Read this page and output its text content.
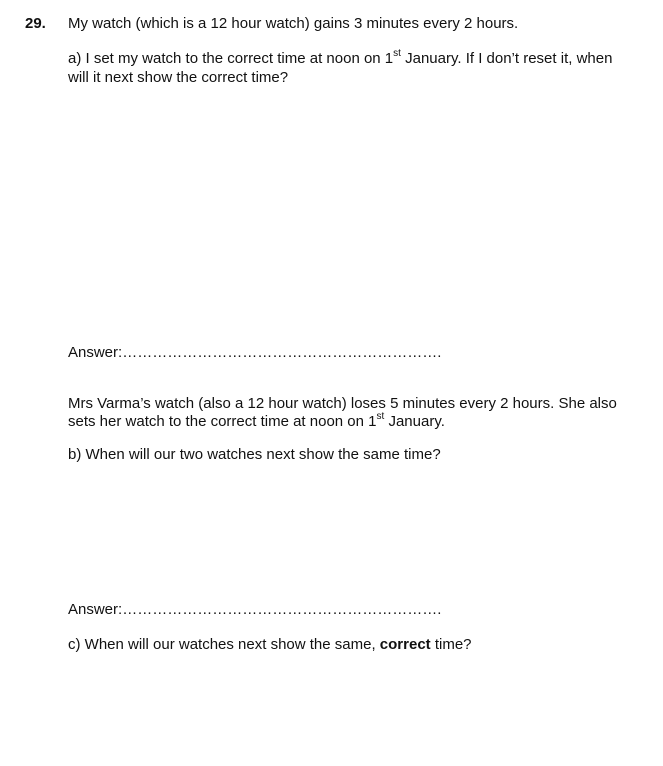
29. My watch (which is a 12 hour watch) gains 3 minutes every 2 hours.
a) I set my watch to the correct time at noon on 1st January. If I don’t reset it, when
will it next show the correct time?
Answer:……………………………………………………….
Mrs Varma’s watch (also a 12 hour watch) loses 5 minutes every 2 hours. She also
sets her watch to the correct time at noon on 1st January.
b) When will our two watches next show the same time?
Answer:……………………………………………………….
c) When will our watches next show the same, correct time?
